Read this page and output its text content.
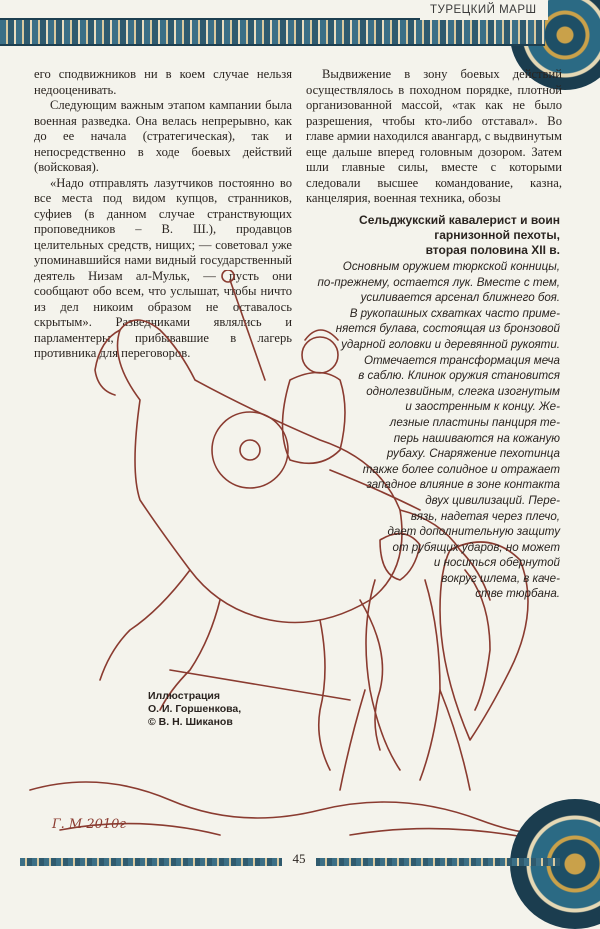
ТУРЕЦКИЙ МАРШ

его сподвижников ни в коем случае нельзя недооценивать.

Следующим важным этапом кампании была военная разведка. Она велась непрерывно, как до ее начала (стратегическая), так и непосредственно в ходе боевых действий (войсковая).

«Надо отправлять лазутчиков постоянно во все места под видом купцов, странников, суфиев (в данном случае странствующих проповедников – В. Ш.), продавцов целительных средств, нищих; — советовал уже упоминавшийся нами видный государственный деятель Низам ал-Мульк, — пусть они сообщают обо всем, что услышат, чтобы ничто из дел никоим образом не оставалось скрытым». Разведчиками являлись и парламентеры, прибывавшие в лагерь противника для переговоров.

Выдвижение в зону боевых действий осуществлялось в походном порядке, плотной организованной массой, «так как не было разрешения, чтобы кто-либо отставал». Во главе армии находился авангард, с выдвинутым еще дальше вперед головным дозором. Затем шли главные силы, вместе с которыми следовали высшее командование, казна, канцелярия, военная техника, обозы

Сельджукский кавалерист и воин
гарнизонной пехоты,
вторая половина XII в.
Основным оружием тюркской конницы,
по-прежнему, остается лук. Вместе с тем,
усиливается арсенал ближнего боя.
В рукопашных схватках часто приме-
няется булава, состоящая из бронзовой
ударной головки и деревянной рукояти.
Отмечается трансформация меча
в саблю. Клинок оружия становится
однолезвийным, слегка изогнутым
и заостренным к концу. Же-
лезные пластины панциря те-
перь нашиваются на кожаную
рубаху. Снаряжение пехотинца
также более солидное и отражает
западное влияние в зоне контакта
двух цивилизаций. Пере-
вязь, надетая через плечо,
дает дополнительную защиту
от рубящих ударов, но может
и носиться обернутой
вокруг шлема, в каче-
стве тюрбана.
Иллюстрация
О. И. Горшенкова,
© В. Н. Шиканов
Г. М 2010г
45
